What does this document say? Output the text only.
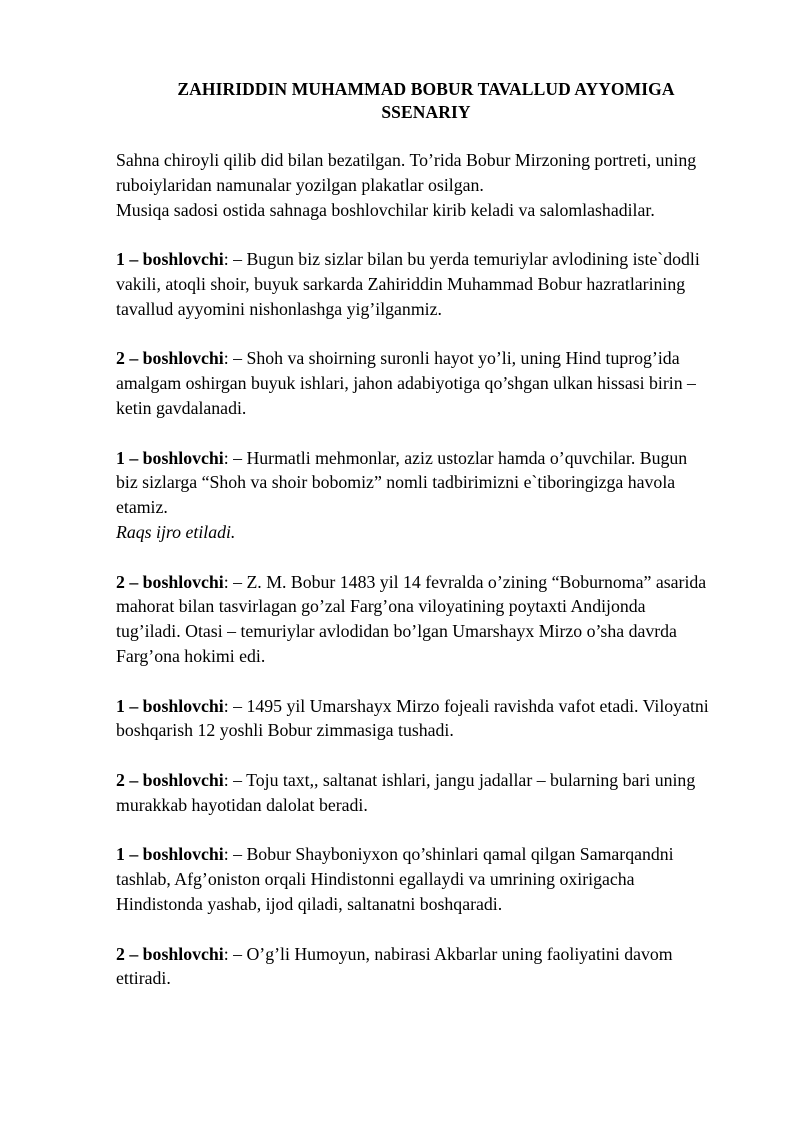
ZAHIRIDDIN MUHAMMAD BOBUR TAVALLUD AYYOMIGA
SSENARIY
Sahna chiroyli qilib did bilan bezatilgan. To’rida Bobur Mirzoning portreti, uning
ruboiylaridan namunalar yozilgan plakatlar osilgan.
Musiqa sadosi ostida sahnaga boshlovchilar kirib keladi va salomlashadilar.
1 – boshlovchi: – Bugun biz sizlar bilan bu yerda temuriylar avlodining iste`dodli
vakili, atoqli shoir, buyuk sarkarda Zahiriddin Muhammad Bobur hazratlarining
tavallud ayyomini nishonlashga yig’ilganmiz.
2 – boshlovchi: – Shoh va shoirning suronli hayot yo’li, uning Hind tuprog’ida
amalgam oshirgan buyuk ishlari, jahon adabiyotiga qo’shgan ulkan hissasi birin –
ketin gavdalanadi.
1 – boshlovchi: – Hurmatli mehmonlar, aziz ustozlar hamda o’quvchilar. Bugun
biz sizlarga “Shoh va shoir bobomiz” nomli tadbirimizni e`tiboringizga havola
etamiz.
Raqs ijro etiladi.
2 – boshlovchi: – Z. M. Bobur 1483 yil 14 fevralda o’zining “Boburnoma” asarida
mahorat bilan tasvirlagan go’zal Farg’ona viloyatining poytaxti Andijonda
tug’iladi. Otasi – temuriylar avlodidan bo’lgan Umarshayx Mirzo o’sha davrda
Farg’ona hokimi edi.
1 – boshlovchi: – 1495 yil Umarshayx Mirzo fojeali ravishda vafot etadi. Viloyatni
boshqarish 12 yoshli Bobur zimmasiga tushadi.
2 – boshlovchi: – Toju taxt,, saltanat ishlari, jangu jadallar – bularning bari uning
murakkab hayotidan dalolat beradi.
1 – boshlovchi: – Bobur Shayboniyxon qo’shinlari qamal qilgan Samarqandni
tashlab, Afg’oniston orqali Hindistonni egallaydi va umrining oxirigacha
Hindistonda yashab, ijod qiladi, saltanatni boshqaradi.
2 – boshlovchi: – O’g’li Humoyun, nabirasi Akbarlar uning faoliyatini davom
ettiradi.
